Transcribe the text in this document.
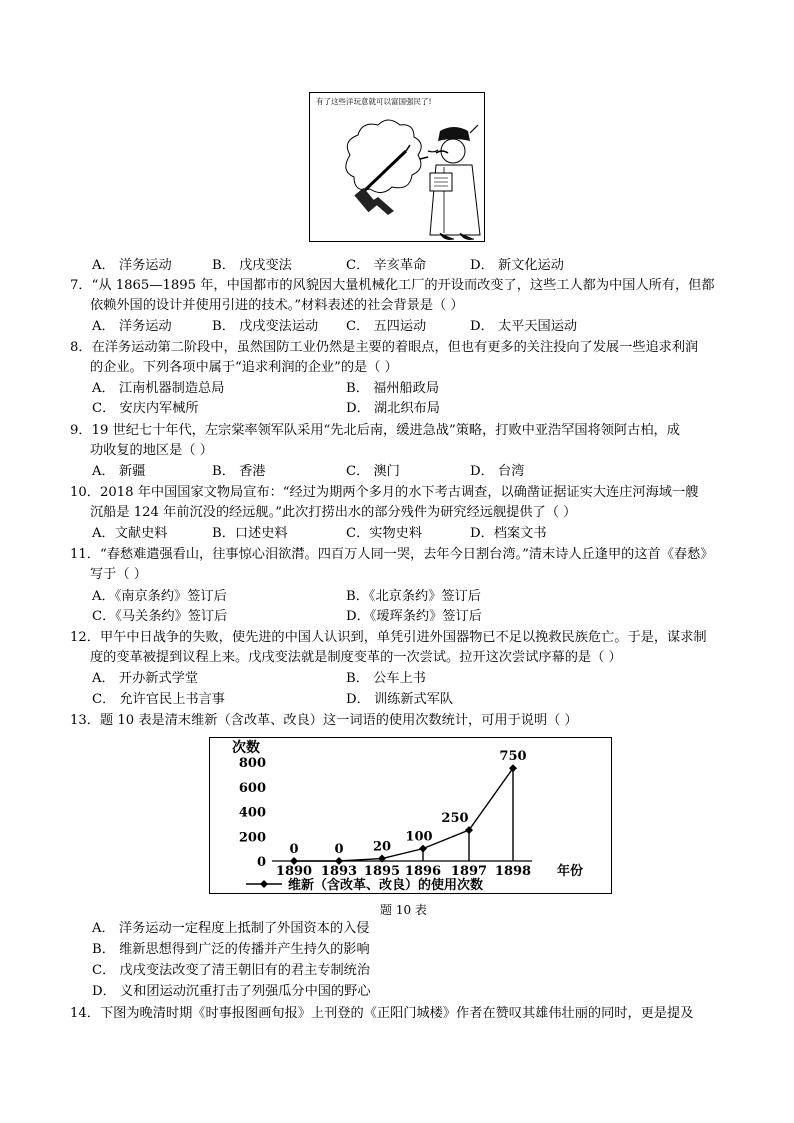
有了这些洋玩意就可以富国强民了!
A． 洋务运动	B． 戊戌变法	C． 辛亥革命	D． 新文化运动
7．“从 1865—1895 年，中国都市的风貌因大量机械化工厂的开设而改变了，这些工人都为中国人所有，但都
依赖外国的设计并使用引进的技术。”材料表述的社会背景是（ ）
A． 洋务运动	B． 戊戌变法运动 C． 五四运动	D． 太平天国运动
8．在洋务运动第二阶段中，虽然国防工业仍然是主要的着眼点，但也有更多的关注投向了发展一些追求利润
的企业。下列各项中属于“追求利润的企业”的是（ ）
A． 江南机器制造总局	B． 福州船政局
C． 安庆内军械所	D． 湖北织布局
9．19 世纪七十年代，左宗棠率领军队采用“先北后南，缓进急战”策略，打败中亚浩罕国将领阿古柏，成
功收复的地区是（ ）
A． 新疆	B． 香港	C． 澳门	D． 台湾
10．2018 年中国国家文物局宣布：“经过为期两个多月的水下考古调查，以确凿证据证实大连庄河海域一艘
沉船是 124 年前沉没的经远舰。”此次打捞出水的部分残件为研究经远舰提供了（ ）
A．文献史料	B．口述史料	C．实物史料	D．档案文书
11．“春愁难遣强看山，往事惊心泪欲潸。四百万人同一哭，去年今日割台湾。”清末诗人丘逢甲的这首《春愁》
写于（ ）
A．《南京条约》签订后	B．《北京条约》签订后
C．《马关条约》签订后	D．《瑷珲条约》签订后
12．甲午中日战争的失败，使先进的中国人认识到，单凭引进外国器物已不足以挽救民族危亡。于是，谋求制
度的变革被提到议程上来。戊戌变法就是制度变革的一次尝试。拉开这次尝试序幕的是（ ）
A． 开办新式学堂	B． 公车上书
C． 允许官民上书言事	D． 训练新式军队
13．题 10 表是清末维新（含改革、改良）这一词语的使用次数统计，可用于说明（ ）
次数
0
200
400
600
800
0	0 20
100
250
750
1890 1893 1895 1896 1897 1898 年份
维新（含改革、改良）的使用次数
题 10 表
A． 洋务运动一定程度上抵制了外国资本的入侵
B． 维新思想得到广泛的传播并产生持久的影响
C． 戊戌变法改变了清王朝旧有的君主专制统治
D． 义和团运动沉重打击了列强瓜分中国的野心
14．下图为晚清时期《时事报图画旬报》上刊登的《正阳门城楼》作者在赞叹其雄伟壮丽的同时，更是提及
